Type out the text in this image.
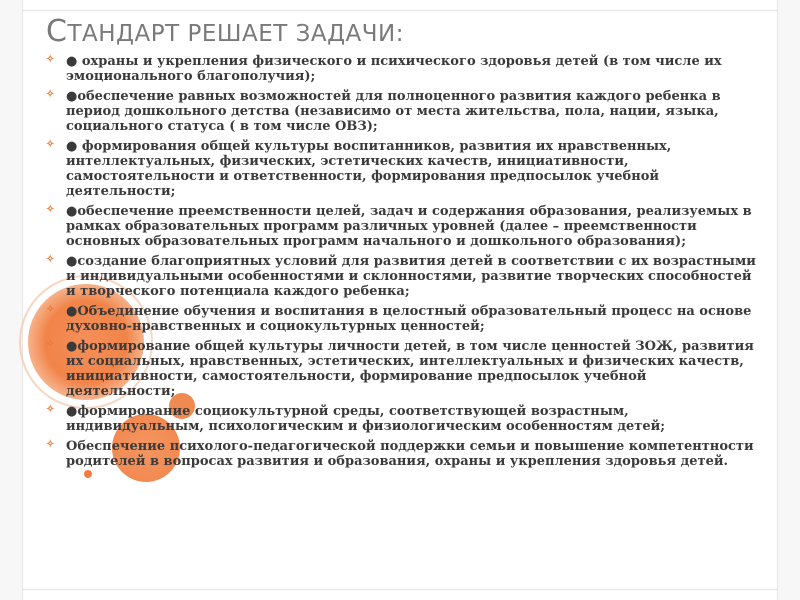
СТАНДАРТ РЕШАЕТ ЗАДАЧИ:
✧ ● охраны и укрепления физического и психического здоровья детей (в том числе их эмоционального благополучия);
✧ ●обеспечение равных возможностей для полноценного развития каждого ребенка в период дошкольного детства (независимо от места жительства, пола, нации, языка, социального статуса ( в том числе ОВЗ);
✧ ● формирования общей культуры воспитанников, развития их нравственных, интеллектуальных, физических, эстетических качеств, инициативности, самостоятельности и ответственности, формирования предпосылок учебной деятельности;
✧ ●обеспечение преемственности целей, задач и содержания образования, реализуемых в рамках образовательных программ различных уровней (далее – преемственности основных образовательных программ начального и дошкольного образования);
✧ ●создание благоприятных условий для развития детей в соответствии с их возрастными и индивидуальными особенностями и склонностями, развитие творческих способностей и творческого потенциала каждого ребенка;
✧ ●Объединение обучения и воспитания в целостный образовательный процесс на основе духовно-нравственных и социокультурных ценностей;
✧ ●формирование общей культуры личности детей, в том числе ценностей ЗОЖ, развития их социальных, нравственных, эстетических, интеллектуальных и физических качеств, инициативности, самостоятельности, формирование предпосылок учебной деятельности;
✧ ●формирование социокультурной среды, соответствующей возрастным, индивидуальным, психологическим и физиологическим особенностям детей;
✧ Обеспечение психолого-педагогической поддержки семьи и повышение компетентности родителей в вопросах развития и образования, охраны и укрепления здоровья детей.
